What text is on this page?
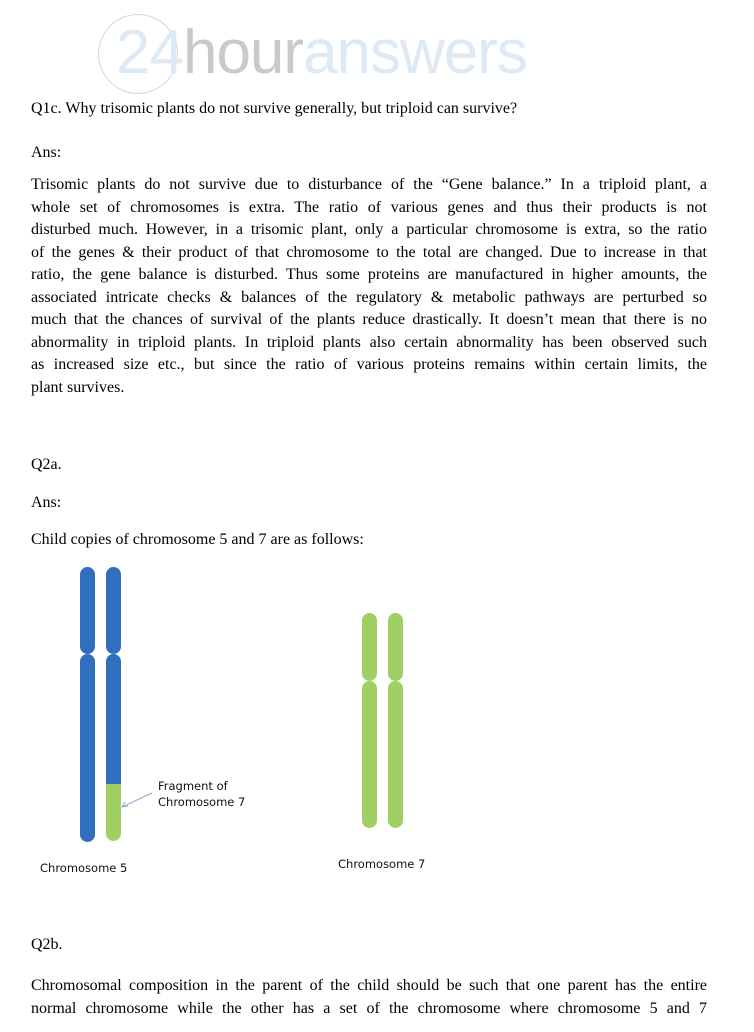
24houranswers
Q1c. Why trisomic plants do not survive generally, but triploid can survive?
Ans:
Trisomic plants do not survive due to disturbance of the “Gene balance.” In a triploid plant, a
whole set of chromosomes is extra. The ratio of various genes and thus their products is not
disturbed much. However, in a trisomic plant, only a particular chromosome is extra, so the ratio
of the genes & their product of that chromosome to the total are changed. Due to increase in that
ratio, the gene balance is disturbed. Thus some proteins are manufactured in higher amounts, the
associated intricate checks & balances of the regulatory & metabolic pathways are perturbed so
much that the chances of survival of the plants reduce drastically. It doesn’t mean that there is no
abnormality in triploid plants. In triploid plants also certain abnormality has been observed such
as increased size etc., but since the ratio of various proteins remains within certain limits, the
plant survives.
Q2a.
Ans:
Child copies of chromosome 5 and 7 are as follows:
Fragment of
Chromosome 7
Chromosome 5	Chromosome 7
Q2b.
Chromosomal composition in the parent of the child should be such that one parent has the entire
normal chromosome while the other has a set of the chromosome where chromosome 5 and 7
